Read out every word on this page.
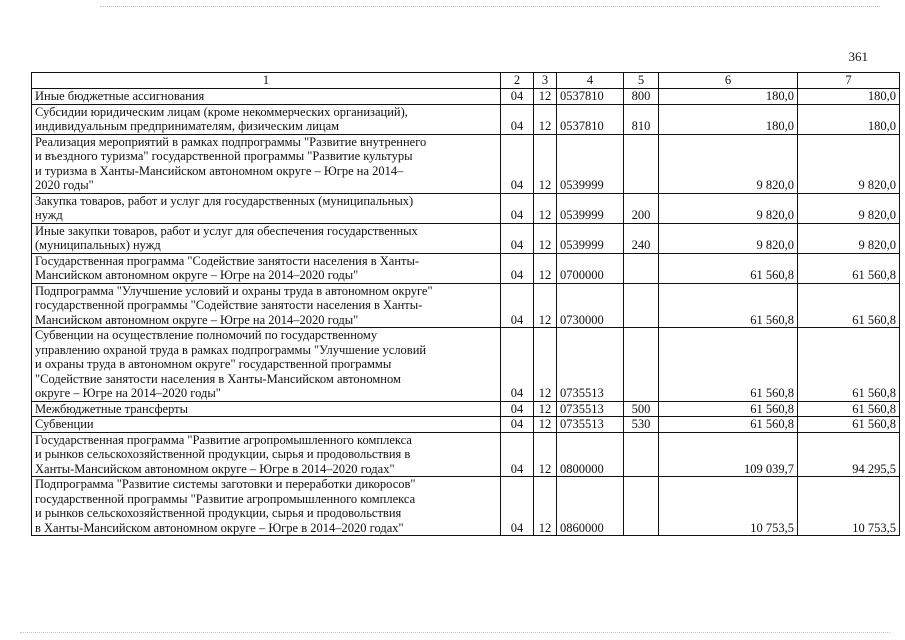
361
1	2	3	4	5	6	7

Иные бюджетные ассигнования	04	12	0537810	800	180,0	180,0

Субсидии юридическим лицам (кроме некоммерческих организаций),
индивидуальным предпринимателям, физическим лицам	04	12	0537810	810	180,0	180,0

Реализация мероприятий в рамках подпрограммы "Развитие внутреннего
и въездного туризма" государственной программы "Развитие культуры
и туризма в Ханты-Мансийском автономном округе – Югре на 2014–
2020 годы"	04	12	0539999		9 820,0	9 820,0

Закупка товаров, работ и услуг для государственных (муниципальных)
нужд	04	12	0539999	200	9 820,0	9 820,0

Иные закупки товаров, работ и услуг для обеспечения государственных
(муниципальных) нужд	04	12	0539999	240	9 820,0	9 820,0

Государственная программа "Содействие занятости населения в Ханты-
Мансийском автономном округе – Югре на 2014–2020 годы"	04	12	0700000		61 560,8	61 560,8

Подпрограмма "Улучшение условий и охраны труда в автономном округе"
государственной программы "Содействие занятости населения в Ханты-
Мансийском автономном округе – Югре на 2014–2020 годы"	04	12	0730000		61 560,8	61 560,8

Субвенции на осуществление полномочий по государственному
управлению охраной труда в рамках подпрограммы "Улучшение условий
и охраны труда в автономном округе" государственной программы
"Содействие занятости населения в Ханты-Мансийском автономном
округе – Югре на 2014–2020 годы"	04	12	0735513		61 560,8	61 560,8

Межбюджетные трансферты	04	12	0735513	500	61 560,8	61 560,8

Субвенции	04	12	0735513	530	61 560,8	61 560,8

Государственная программа "Развитие агропромышленного комплекса
и рынков сельскохозяйственной продукции, сырья и продовольствия в
Ханты-Мансийском автономном округе – Югре в 2014–2020 годах"	04	12	0800000		109 039,7	94 295,5

Подпрограмма "Развитие системы заготовки и переработки дикоросов"
государственной программы "Развитие агропромышленного комплекса
и рынков сельскохозяйственной продукции, сырья и продовольствия
в Ханты-Мансийском автономном округе – Югре в 2014–2020 годах"	04	12	0860000		10 753,5	10 753,5
